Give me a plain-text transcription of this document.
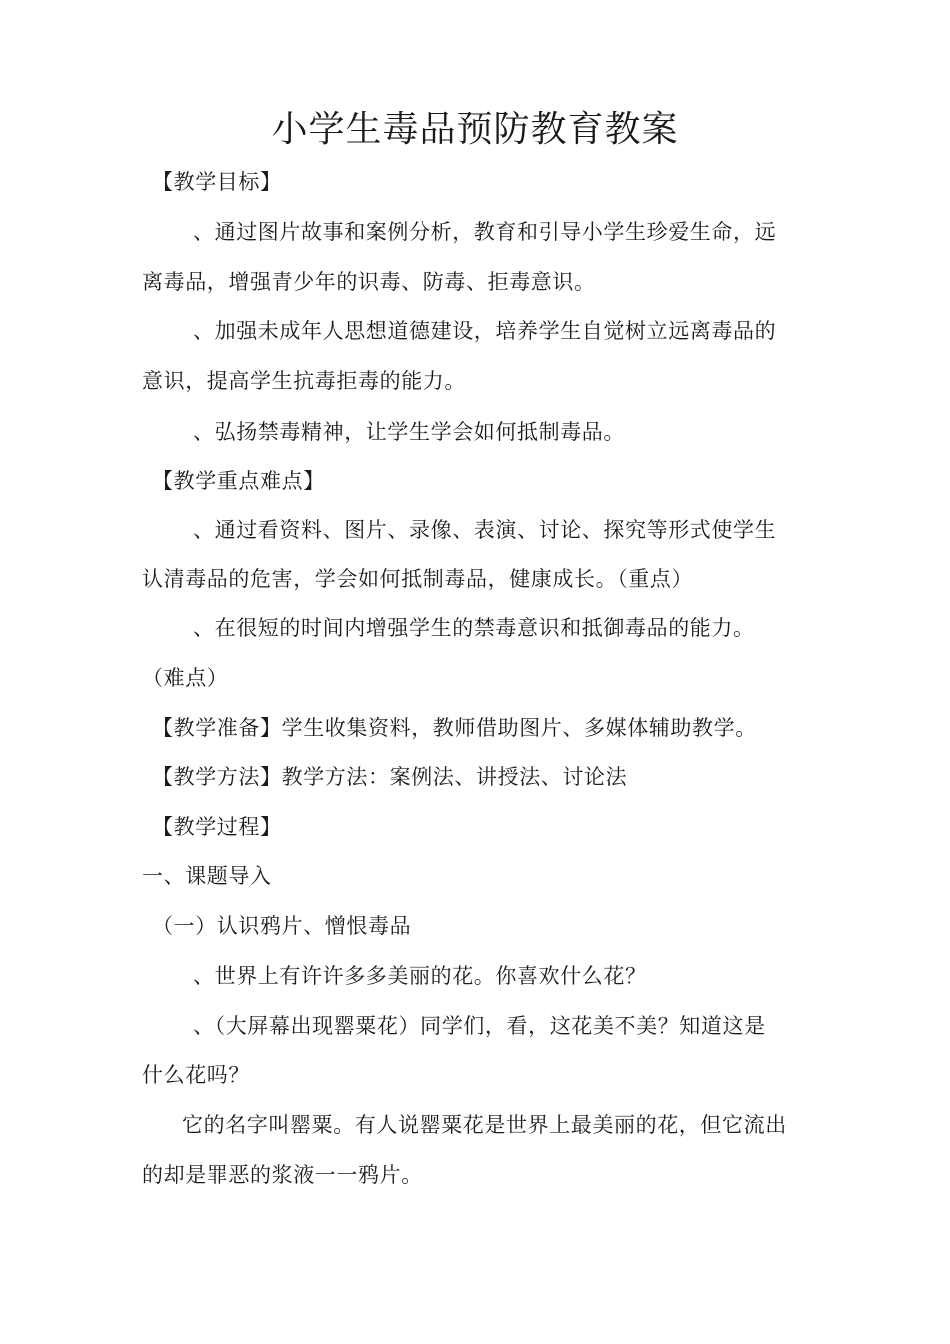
小学生毒品预防教育教案
【教学目标】
、通过图片故事和案例分析，教育和引导小学生珍爱生命，远
离毒品，增强青少年的识毒、防毒、拒毒意识。
、加强未成年人思想道德建设，培养学生自觉树立远离毒品的
意识，提高学生抗毒拒毒的能力。
、弘扬禁毒精神，让学生学会如何抵制毒品。
【教学重点难点】
、通过看资料、图片、录像、表演、讨论、探究等形式使学生
认清毒品的危害，学会如何抵制毒品，健康成长。（重点）
、在很短的时间内增强学生的禁毒意识和抵御毒品的能力。
（难点）
【教学准备】学生收集资料，教师借助图片、多媒体辅助教学。
【教学方法】教学方法：案例法、讲授法、讨论法
【教学过程】
一、课题导入
（一）认识鸦片、憎恨毒品
、世界上有许许多多美丽的花。你喜欢什么花？
、（大屏幕出现罂粟花）同学们，看，这花美不美？知道这是
什么花吗？
它的名字叫罂粟。有人说罂粟花是世界上最美丽的花，但它流出
的却是罪恶的浆液一一鸦片。
